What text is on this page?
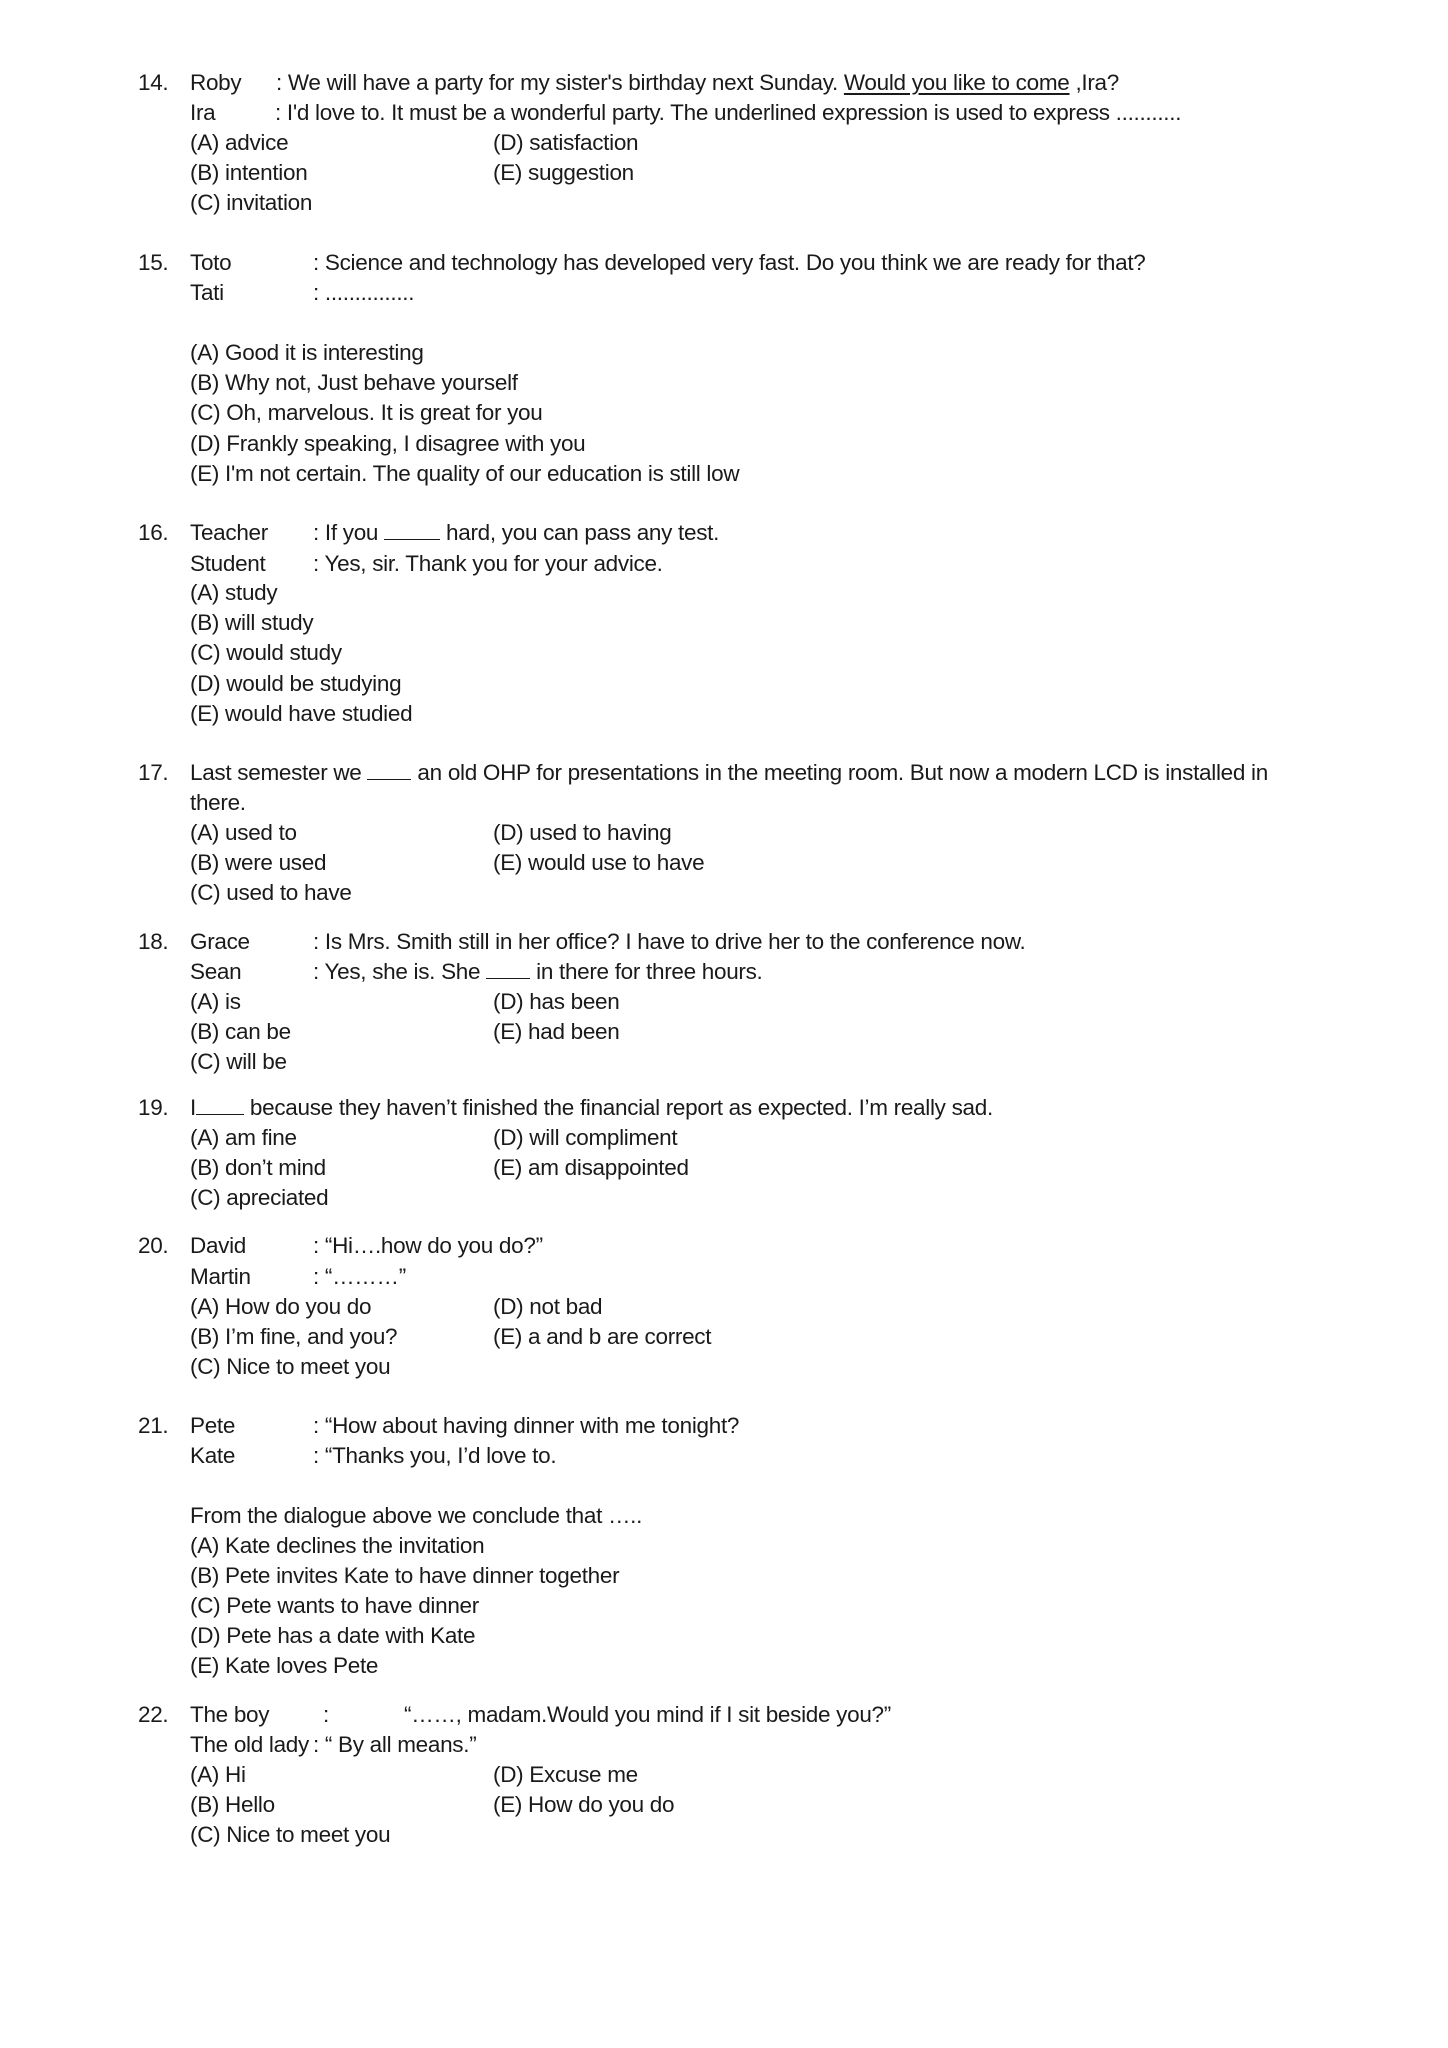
14. Roby : We will have a party for my sister's birthday next Sunday. Would you like to come ,Ira?
Ira	: I'd love to. It must be a wonderful party. The underlined expression is used to express ...........
(A) advice
(B) intention
(C) invitation
(D) satisfaction
(E) suggestion
15. Toto	: Science and technology has developed very fast. Do you think we are ready for that?
Tati	: ...............
(A) Good it is interesting
(B) Why not, Just behave yourself
(C) Oh, marvelous. It is great for you
(D) Frankly speaking, I disagree with you
(E) I'm not certain. The quality of our education is still low
16. Teacher : If you  hard, you can pass any test.
Student : Yes, sir. Thank you for your advice.
(A) study
(B) will study
(C) would study
(D) would be studying
(E) would have studied
17. Last semester we  an old OHP for presentations in the meeting room. But now a modern LCD is installed in
there.
(A) used to
(B) were used
(C) used to have
(D) used to having
(E) would use to have
18. Grace	: Is Mrs. Smith still in her office? I have to drive her to the conference now.
Sean	: Yes, she is. She  in there for three hours.
(A) is
(B) can be
(C) will be
(D) has been
(E) had been
19. I because they haven’t finished the financial report as expected. I’m really sad.
(A) am fine
(B) don’t mind
(C) apreciated
(D) will compliment
(E) am disappointed
20. David	: “Hi….how do you do?”
Martin	: “………”
(A) How do you do
(B) I’m fine, and you?
(C) Nice to meet you
(D) not bad
(E) a and b are correct
21. Pete	: “How about having dinner with me tonight?
Kate	: “Thanks you, I’d love to.
From the dialogue above we conclude that …..
(A) Kate declines the invitation
(B) Pete invites Kate to have dinner together
(C) Pete wants to have dinner
(D) Pete has a date with Kate
(E) Kate loves Pete
22. The boy :	“……, madam.Would you mind if I sit beside you?”
The old lady : “ By all means.”
(A) Hi
(B) Hello
(C) Nice to meet you
(D) Excuse me
(E) How do you do
